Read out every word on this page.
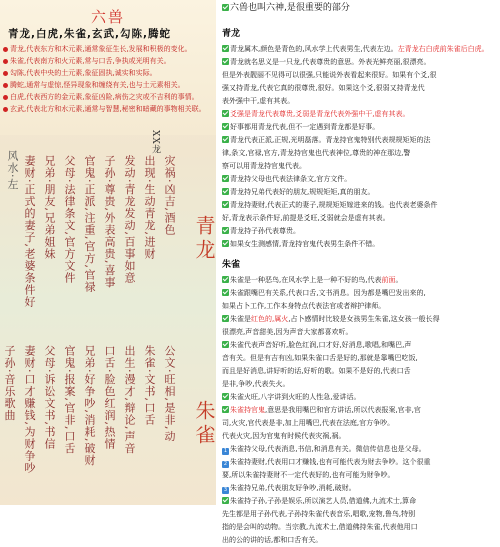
六兽
青龙,白虎,朱雀,玄武,勾陈,腾蛇
青龙,代表东方和木元素,通常象征生长,发展和积极的变化。
朱雀,代表南方和火元素,常与口舌,争执或光明有关。
勾陈,代表中央的土元素,象征固执,诚实和实际。
腾蛇,通常与虚惊,怪异现象和缠绕有关,也与土元素相关。
白虎,代表西方的金元素,象征凶险,病伤之灾或不吉利的事情。
玄武,代表北方和水元素,通常与智慧,秘密和暗藏的事物相关联。
风水·左
XX龙
妻财·正式的妻子,老婆条件好 兄弟·朋友,兄弟姐妹 父母·法律条文,官方文件 官鬼·正派,注重,官方,官禄 子孙·尊贵,外表高贵,喜事 发动·青龙发动,百事如意 出现·生动青龙,进财 灾祸·凶吉,酒色
青龙
子孙·音乐歌曲 妻财·口才赚钱,为财争吵 父母·诉讼文书,书信 官鬼·报案,官非,口舌 兄弟·好争吵,消耗,破财 口舌·脸色红润,热情 出生·漫才,辩论,声音 朱雀·文书,口舌 公文·旺相,是非,动 朱雀
六兽也叫六神,是很重要的部分
青龙
青龙属木,颜色是青色的,风水学上代表男生,代表左边。左青龙右白虎前朱雀后白虎。
青龙就名思义是一只龙,代表尊贵的意思。外表光鲜亮丽,很漂亮。
但是外表靓丽不见得可以很强,只能说外表看起来很好。如果有个爻,很
强又持青龙,代表它真的很尊贵,很好。如果这个爻,很弱又持青龙代
表外强中干,虚有其表。
爻强是青龙代表尊贵,爻弱是青龙代表外强中干,虚有其表。
好事都用青龙代表,但不一定遇到青龙都是好事。
青龙代表正派,正规,光明磊落。青龙持官鬼特别代表规规矩矩的法
律,条文,官禄,官方,青龙持官鬼也代表神位,尊贵的神在那边,警
察可以用青龙持官鬼代表。
青龙持父母也代表法律条文,官方文件。
青龙持兄弟代表好的朋友,规规矩矩,真的朋友。
青龙持妻财,代表正式的妻子,规规矩矩嫁进来的钱。也代表老婆条件
好,青龙表示条件好,前提是爻旺,爻弱就会是虚有其表。
青龙持子孙代表尊贵。
如果女生测感情,青龙持官鬼代表男生条件不错。
朱雀
朱雀是一种恶鸟,在风水学上是一种不好的鸟,代表前面。
朱雀跟嘴巴有关系,代表口舌,文书消息。因为都是嘴巴发出来的,
如果占卜工作,工作本身特点代表法官或者辩护律师。
朱雀是红色的,属火,占卜感情时比较是女孩男生朱雀,这女孩一般长得
很漂亮,声音甜美,因为声音大家都喜欢听。
朱雀代表声音好听,脸色红润,口才好,好消息,歌唱,和嘴巴,声
音有关。但是有吉有凶,如果朱雀口舌是好的,那就是靠嘴巴吃饭,
而且是好消息,讲好听的话,好听的歌。如果不是好的,代表口舌
是非,争吵,代表失火。
朱雀火旺,八字讲到火旺的人性急,爱讲话。
朱雀持官鬼,意思是我用嘴巴和官方讲话,所以代表报案,官非,官
司,火灾,官代表是非,加上用嘴巴,代表在法庭,官方争吵。
代表火灾,因为官鬼有时候代表灾祸,祸。
1 朱雀持父母,代表消息,书信,和消息有关。微信传信息也是父母。
2 朱雀持妻财,代表用口才赚钱,也有可能代表为财去争吵。这个很重
要,所以朱雀持妻财不一定代表好的,也有可能为财争吵。
3 朱雀持兄弟,代表朋友好争吵,消耗,破财。
朱雀持子孙,子孙是娱乐,所以演艺人员,借道佛,九流术士,算命
先生都是用子孙代表,子孙持朱雀代表音乐,唱歌,宠物,鲁鸟,特别
指的是会叫的动物。当宗教,九流术士,借道佛持朱雀,代表他用口
出的公的讲的话,都和口舌有关。
